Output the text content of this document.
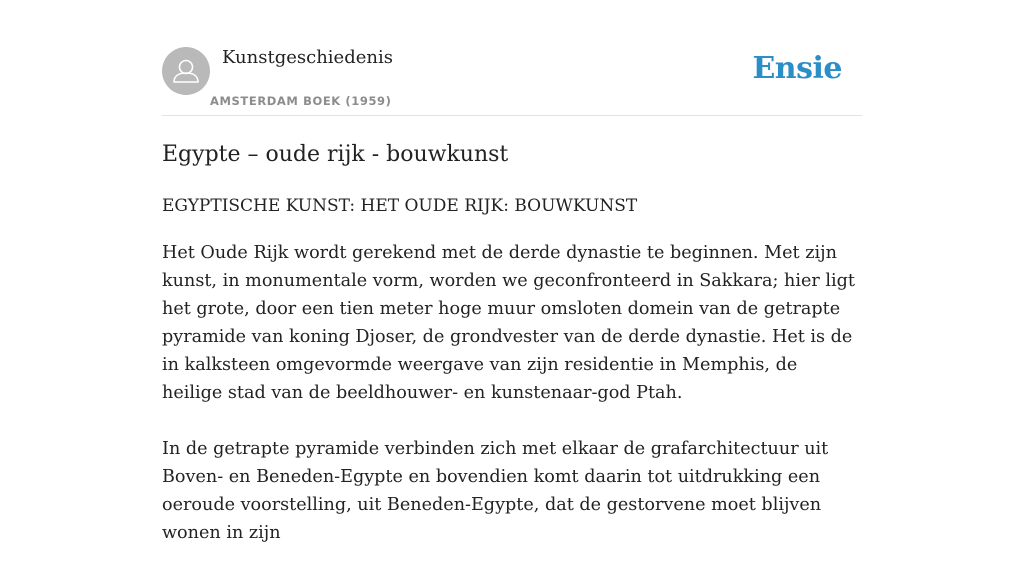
Kunstgeschiedenis
AMSTERDAM BOEK (1959)
Ensie
Egypte – oude rijk - bouwkunst
EGYPTISCHE KUNST: HET OUDE RIJK: BOUWKUNST

Het Oude Rijk wordt gerekend met de derde dynastie te beginnen. Met zijn kunst, in monumentale vorm, worden we geconfronteerd in Sakkara; hier ligt het grote, door een tien meter hoge muur omsloten domein van de getrapte pyramide van koning Djoser, de grondvester van de derde dynastie. Het is de in kalksteen omgevormde weergave van zijn residentie in Memphis, de heilige stad van de beeldhouwer- en kunstenaar-god Ptah.

In de getrapte pyramide verbinden zich met elkaar de grafarchitectuur uit Boven- en Beneden-Egypte en bovendien komt daarin tot uitdrukking een oeroude voorstelling, uit Beneden-Egypte, dat de gestorvene moet blijven wonen in zijn
